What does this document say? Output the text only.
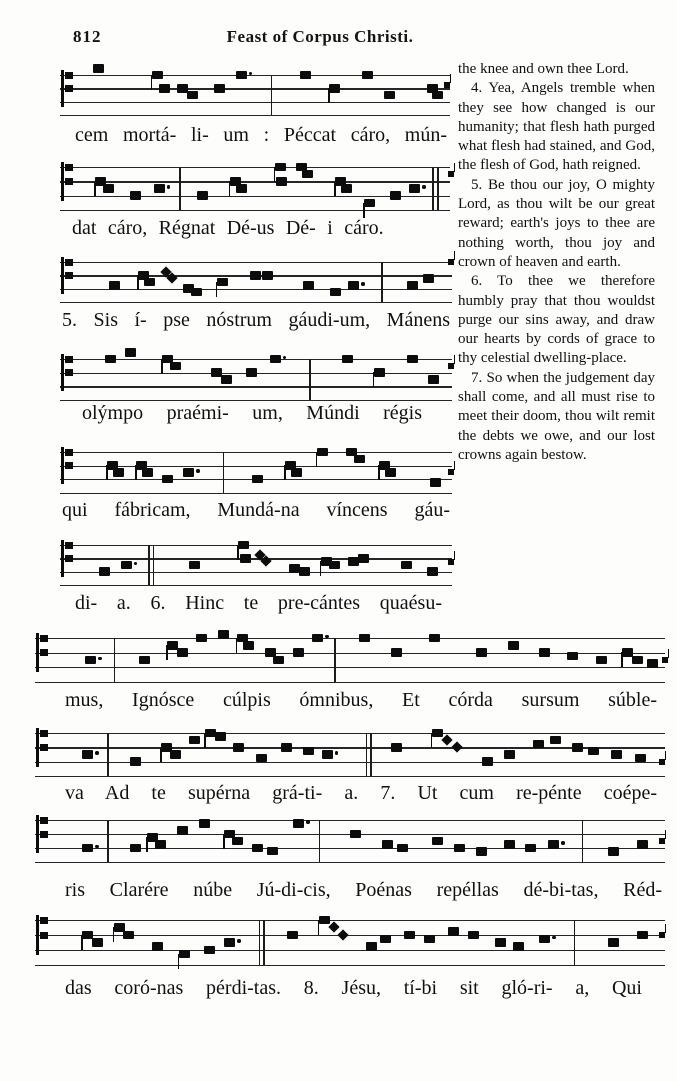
812	Feast of Corpus Christi.
cem mortá- li- um : Péccat cáro, mún-
dat cáro, Régnat Dé-us Dé- i cáro.
5. Sis í- pse nóstrum gáudi-um, Mánens
olýmpo praémi- um, Múndi régis
qui fábricam, Mundá-na víncens gáu-
di- a. 6. Hinc te pre-cántes quaésu-
mus, Ignósce cúlpis ómnibus, Et córda sursum súble-
va Ad te supérna grá-ti- a. 7. Ut cum re-pénte coépe-
ris Clarére núbe Jú-di-cis, Poénas repéllas dé-bi-tas, Réd-
das coró-nas pérdi-tas. 8. Jésu, tí-bi sit gló-ri- a, Qui

the knee and own thee Lord.

4. Yea, Angels tremble when they see how changed is our humanity; that flesh hath purged what flesh had stained, and God, the flesh of God, hath reigned.

5. Be thou our joy, O mighty Lord, as thou wilt be our great reward; earth's joys to thee are nothing worth, thou joy and crown of heaven and earth.

6. To thee we therefore humbly pray that thou wouldst purge our sins away, and draw our hearts by cords of grace to thy celestial dwelling-place.

7. So when the judgement day shall come, and all must rise to meet their doom, thou wilt remit the debts we owe, and our lost crowns again bestow.
